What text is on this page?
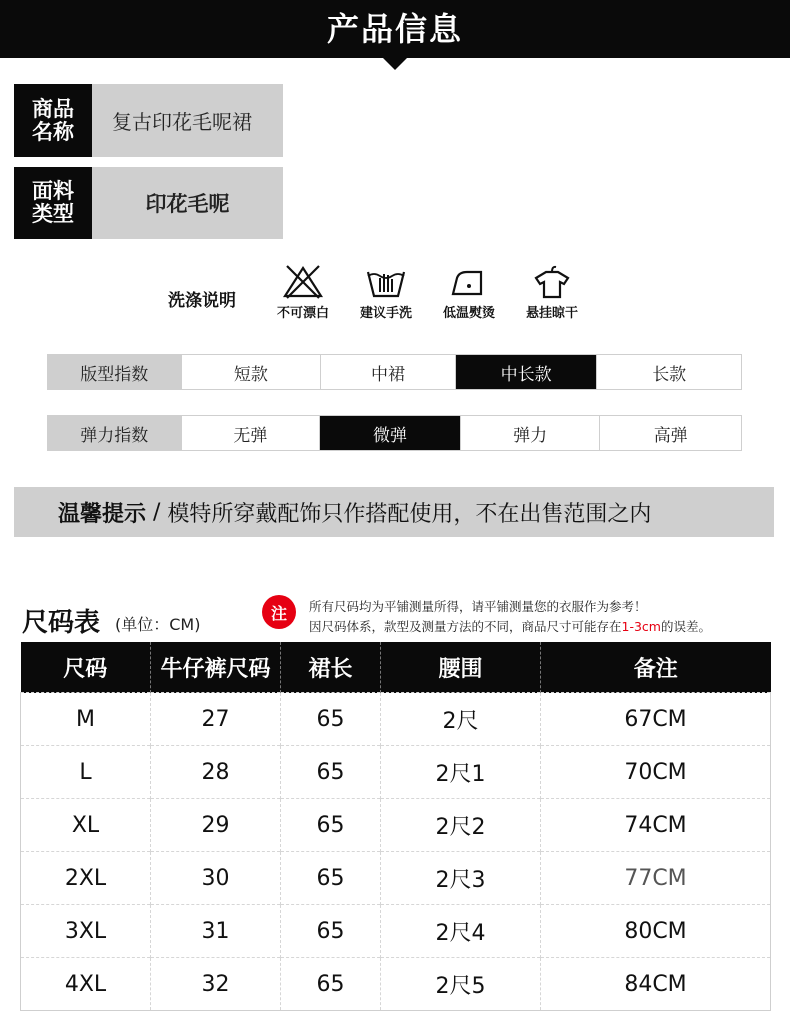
产品信息
商品
名称	复古印花毛呢裙
面料
类型	印花毛呢
洗涤说明
不可漂白	建议手洗	低温熨烫	悬挂晾干
版型指数	短款	中裙	中长款	长款
弹力指数	无弹	微弹	弹力	高弹
温馨提示 / 模特所穿戴配饰只作搭配使用，不在出售范围之内
尺码表 (单位：CM)
注	所有尺码均为平铺测量所得，请平铺测量您的衣服作为参考！
因尺码体系，款型及测量方法的不同，商品尺寸可能存在1-3cm的误差。
尺码	牛仔裤尺码	裙长	腰围	备注
M	27	65	2尺	67CM
L	28	65	2尺1	70CM
XL	29	65	2尺2	74CM
2XL	30	65	2尺3	77CM
3XL	31	65	2尺4	80CM
4XL	32	65	2尺5	84CM
